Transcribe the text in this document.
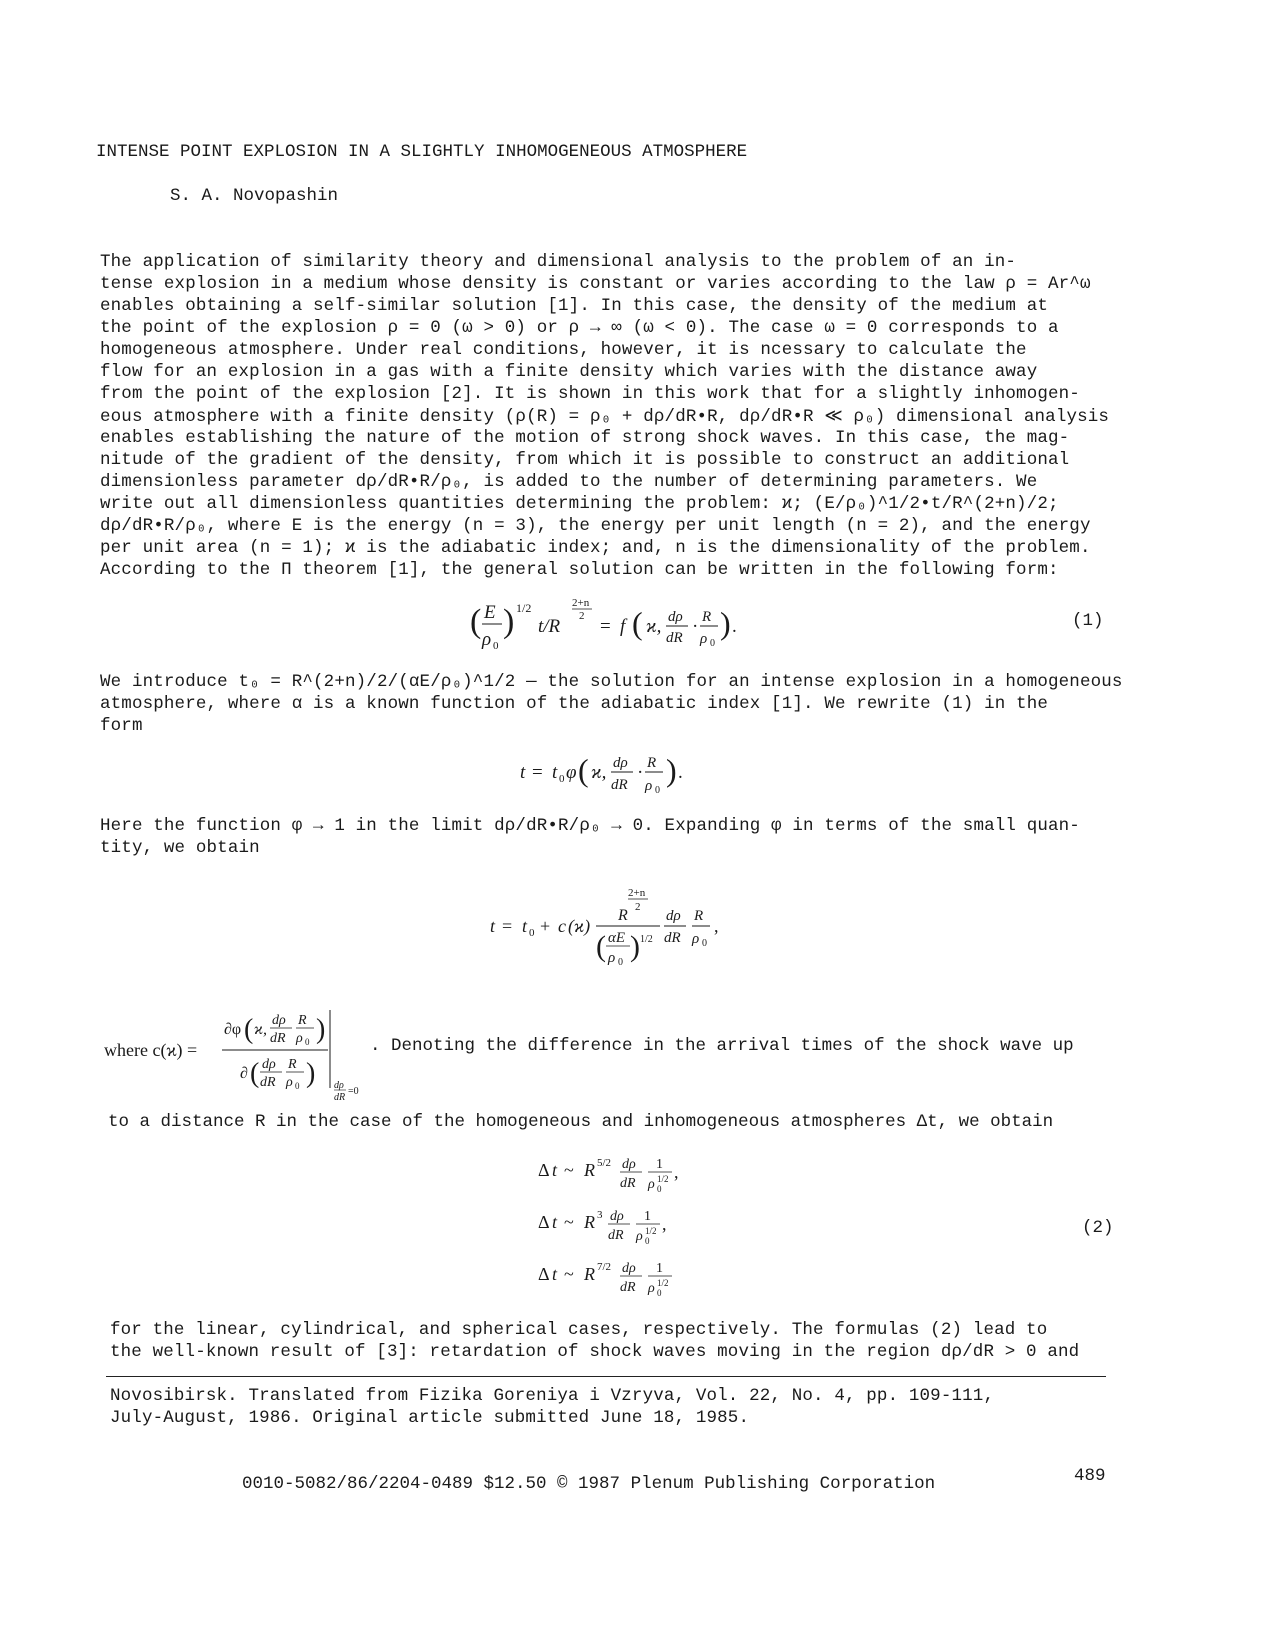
INTENSE POINT EXPLOSION IN A SLIGHTLY INHOMOGENEOUS ATMOSPHERE
S. A. Novopashin
The application of similarity theory and dimensional analysis to the problem of an in-
tense explosion in a medium whose density is constant or varies according to the law ρ = Ar^ω
enables obtaining a self-similar solution [1]. In this case, the density of the medium at
the point of the explosion ρ = 0 (ω > 0) or ρ → ∞ (ω < 0). The case ω = 0 corresponds to a
homogeneous atmosphere. Under real conditions, however, it is ncessary to calculate the
flow for an explosion in a gas with a finite density which varies with the distance away
from the point of the explosion [2]. It is shown in this work that for a slightly inhomogen-
eous atmosphere with a finite density (ρ(R) = ρ₀ + dρ/dR•R, dρ/dR•R ≪ ρ₀) dimensional analysis
enables establishing the nature of the motion of strong shock waves. In this case, the mag-
nitude of the gradient of the density, from which it is possible to construct an additional
dimensionless parameter dρ/dR•R/ρ₀, is added to the number of determining parameters. We
write out all dimensionless quantities determining the problem: ϰ; (E/ρ₀)^1/2•t/R^(2+n)/2;
dρ/dR•R/ρ₀, where E is the energy (n = 3), the energy per unit length (n = 2), and the energy
per unit area (n = 1); ϰ is the adiabatic index; and, n is the dimensionality of the problem.
According to the Π theorem [1], the general solution can be written in the following form:
( E
ρ 0
) 1/2
t/R
2+n
2 = f ( ϰ, dρ
dR
· R
ρ 0
) .	(1)
We introduce t₀ = R^(2+n)/2/(αE/ρ₀)^1/2 — the solution for an intense explosion in a homogeneous
atmosphere, where α is a known function of the adiabatic index [1]. We rewrite (1) in the
form
t = t 0 φ ( ϰ, dρ
dR
· R
ρ 0
) .
Here the function φ → 1 in the limit dρ/dR•R/ρ₀ → 0. Expanding φ in terms of the small quan-
tity, we obtain
t = t 0 + c (ϰ)
2+n
2
R
( αE
ρ 0 ) 1/2
dρ
dR
R
ρ 0
,
where c(ϰ) =
∂φ ( ϰ,
dρ
dR
R
ρ 0 )
∂ ( dρ
dR
R
ρ 0 ) dρ
dR
=0
. Denoting the difference in the arrival times of the shock wave up
to a distance R in the case of the homogeneous and inhomogeneous atmospheres Δt, we obtain
Δ t ~ R 5/2 dρ
dR
1
ρ 0
1/2 ,
Δ t ~ R 3 dρ
dR
1
ρ 0
1/2 ,
Δ t ~ R 7/2 dρ
dR
1
ρ 0
1/2
(2)
for the linear, cylindrical, and spherical cases, respectively. The formulas (2) lead to
the well-known result of [3]: retardation of shock waves moving in the region dρ/dR > 0 and
Novosibirsk. Translated from Fizika Goreniya i Vzryva, Vol. 22, No. 4, pp. 109-111,
July-August, 1986. Original article submitted June 18, 1985.
0010-5082/86/2204-0489 $12.50 © 1987 Plenum Publishing Corporation	489
